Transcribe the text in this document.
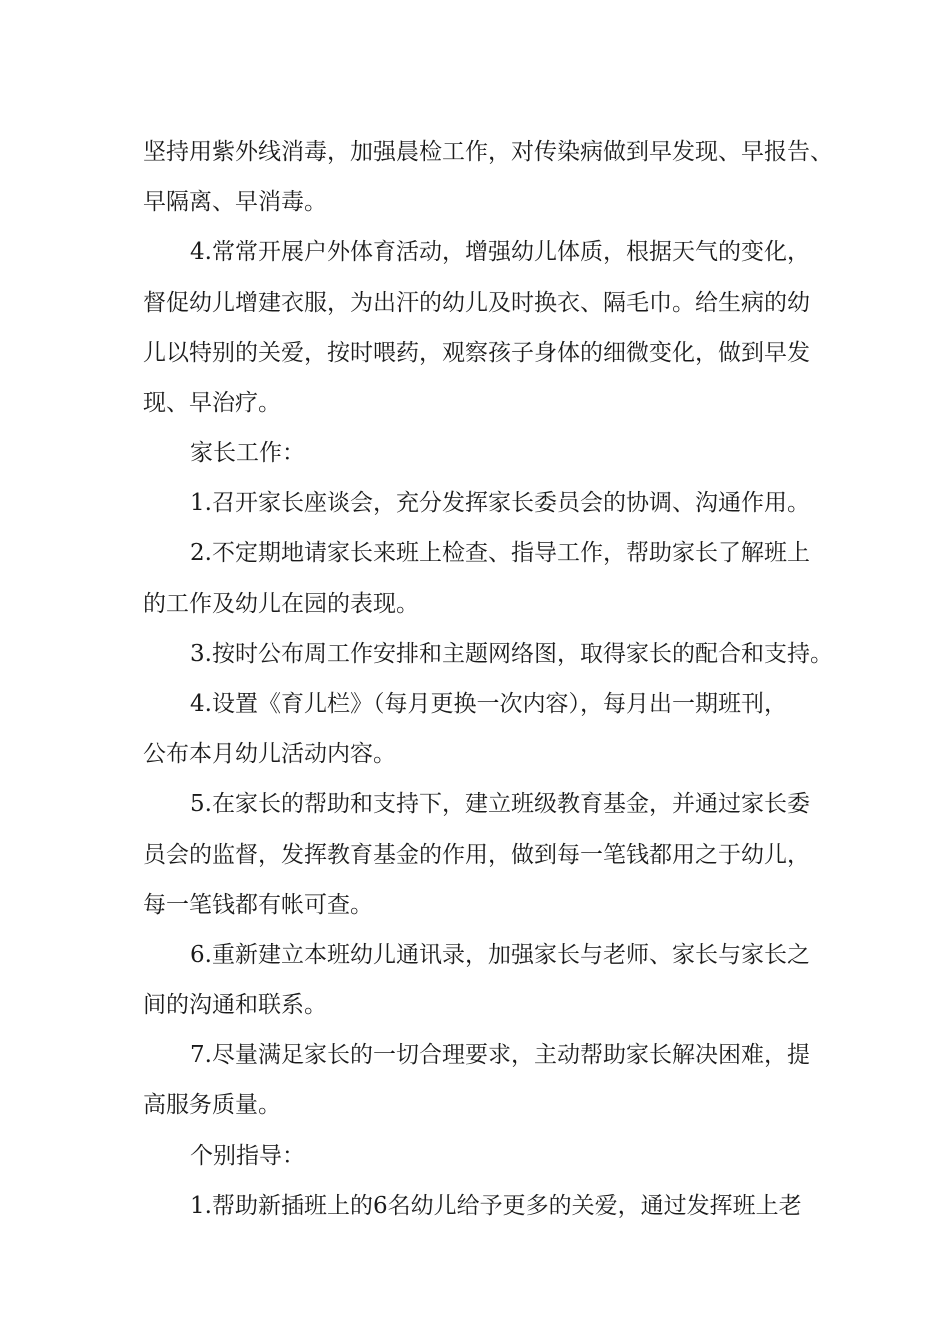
坚持用紫外线消毒，加强晨检工作，对传染病做到早发现、早报告、
早隔离、早消毒。
4.常常开展户外体育活动，增强幼儿体质，根据天气的变化，
督促幼儿增建衣服，为出汗的幼儿及时换衣、隔毛巾。给生病的幼
儿以特别的关爱，按时喂药，观察孩子身体的细微变化，做到早发
现、早治疗。
家长工作：
1.召开家长座谈会，充分发挥家长委员会的协调、沟通作用。
2.不定期地请家长来班上检查、指导工作，帮助家长了解班上
的工作及幼儿在园的表现。
3.按时公布周工作安排和主题网络图，取得家长的配合和支持。
4.设置《育儿栏》（每月更换一次内容），每月出一期班刊，
公布本月幼儿活动内容。
5.在家长的帮助和支持下，建立班级教育基金，并通过家长委
员会的监督，发挥教育基金的作用，做到每一笔钱都用之于幼儿，
每一笔钱都有帐可查。
6.重新建立本班幼儿通讯录，加强家长与老师、家长与家长之
间的沟通和联系。
7.尽量满足家长的一切合理要求，主动帮助家长解决困难，提
高服务质量。
个别指导：
1.帮助新插班上的6名幼儿给予更多的关爱，通过发挥班上老
